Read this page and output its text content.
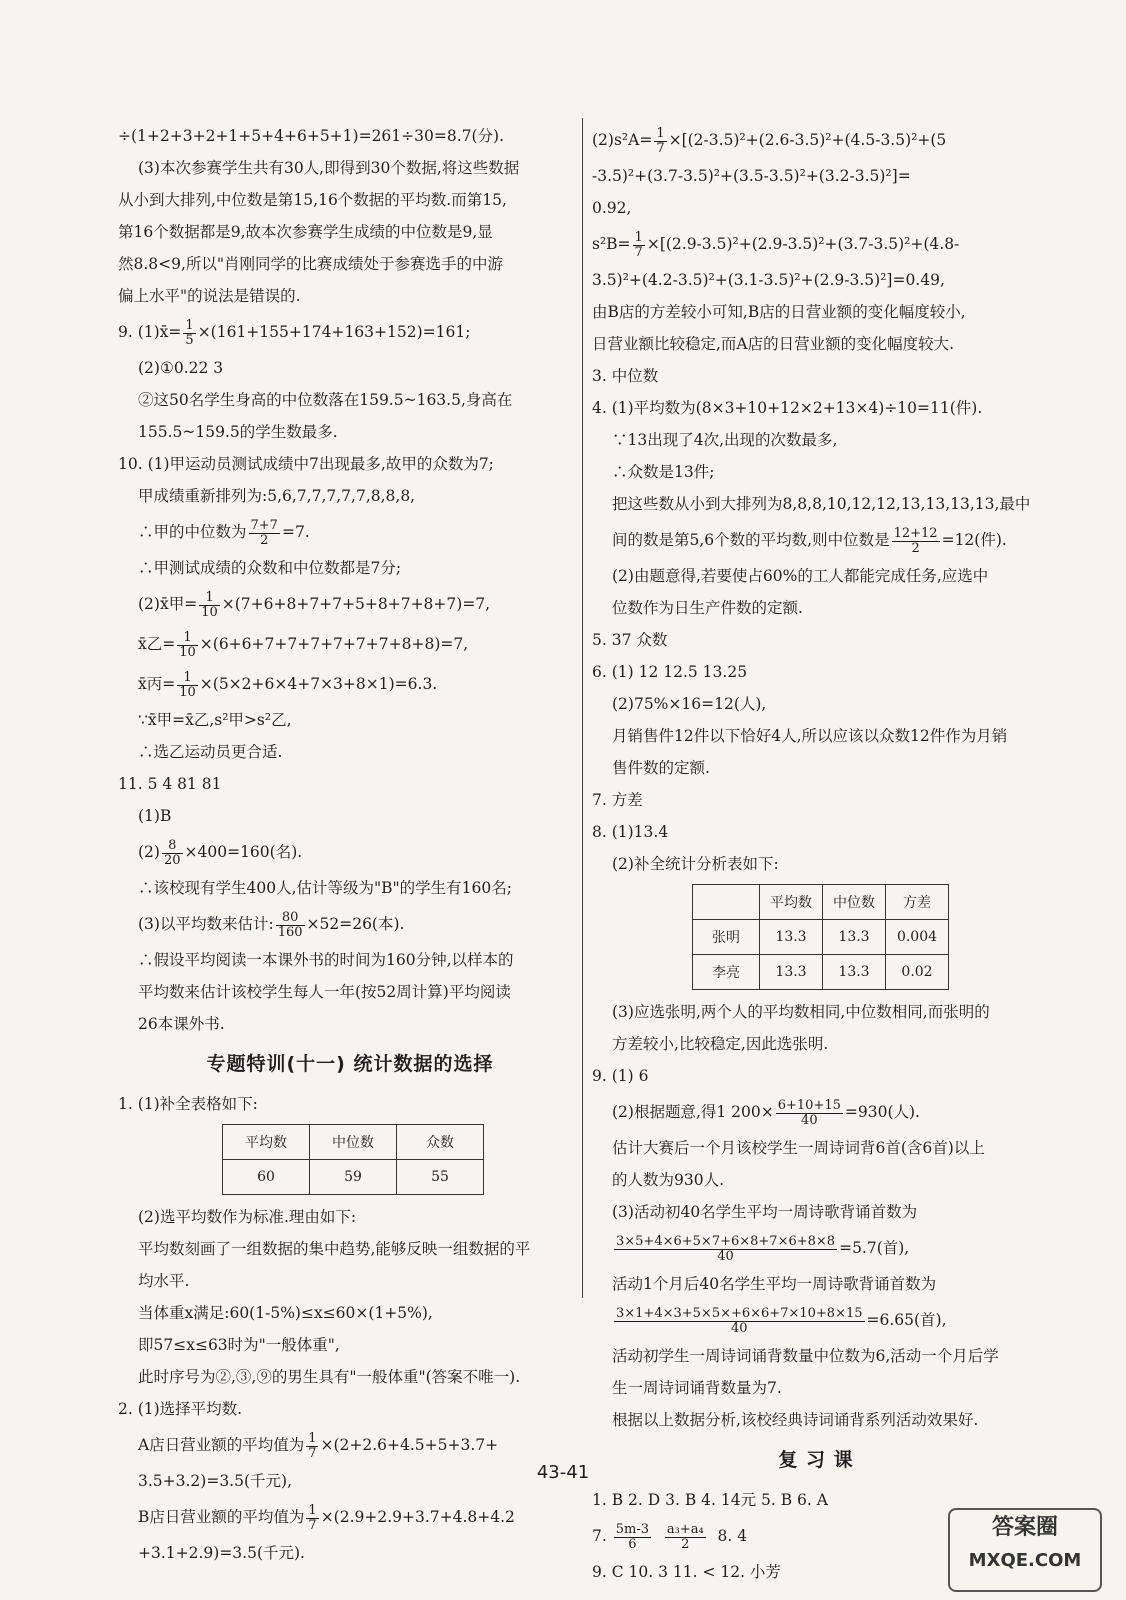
÷(1+2+3+2+1+5+4+6+5+1)=261÷30=8.7(分).
(3)本次参赛学生共有30人,即得到30个数据,将这些数据
从小到大排列,中位数是第15,16个数据的平均数.而第15,
第16个数据都是9,故本次参赛学生成绩的中位数是9,显
然8.8<9,所以"肖刚同学的比赛成绩处于参赛选手的中游
偏上水平"的说法是错误的.
9. (1)x̄= $\frac{1}{5} \times(161+155+174+163+152)=161$;
(2)①0.22 3
②这50名学生身高的中位数落在159.5~163.5,身高在
155.5~159.5的学生数最多.
10. (1)甲运动员测试成绩中7出现最多,故甲的众数为7;
甲成绩重新排列为:5,6,7,7,7,7,7,8,8,8,
∴甲的中位数为 $\frac{7+7}{2} =7$.
∴甲测试成绩的众数和中位数都是7分;
(2)x̄甲= $\frac{1}{10} \times(7+6+8+7+7+5+8+7+8+7)=7$,
x̄乙= $\frac{1}{10} \times(6+6+7+7+7+7+7+7+8+8)=7$,
x̄丙= $\frac{1}{10} \times(5\times 2+6\times 4+7\times 3+8\times 1)=6.3$.
∵x̄甲=x̄乙,s²甲>s²乙,
∴选乙运动员更合适.
11. 5 4 81 81
(1)B
$(2) \frac{8}{20} \times 400=160$(名).
∴该校现有学生400人,估计等级为"B"的学生有160名;
(3)以平均数来估计: $\frac{80}{160} \times 52=26$(本).
∴假设平均阅读一本课外书的时间为160分钟,以样本的
平均数来估计该校学生每人一年(按52周计算)平均阅读
26本课外书.
专题特训(十一) 统计数据的选择
1. (1)补全表格如下:
平均数	中位数	众数
60	59	55
(2)选平均数作为标准.理由如下:
平均数刻画了一组数据的集中趋势,能够反映一组数据的平
均水平.
当体重x满足:60(1-5%)≤x≤60×(1+5%),
即57≤x≤63时为"一般体重",
此时序号为②,③,⑨的男生具有"一般体重"(答案不唯一).
2. (1)选择平均数.
A店日营业额的平均值为 $\frac{1}{7} \times(2+2.6+4.5+5+3.7+$
3.5+3.2)=3.5(千元),
B店日营业额的平均值为 $\frac{1}{7} \times(2.9+2.9+3.7+4.8+4.2$
+3.1+2.9)=3.5(千元).
$(2)s^2A= \frac{1}{7} \times[(2-3.5)^2+(2.6-3.5)^2+(4.5-3.5)^2+(5$
-3.5)²+(3.7-3.5)²+(3.5-3.5)²+(3.2-3.5)²]=
0.92,
$s^2B= \frac{1}{7} \times[(2.9-3.5)^2+(2.9-3.5)^2+(3.7-3.5)^2+(4.8-$
3.5)²+(4.2-3.5)²+(3.1-3.5)²+(2.9-3.5)²]=0.49,
由B店的方差较小可知,B店的日营业额的变化幅度较小,
日营业额比较稳定,而A店的日营业额的变化幅度较大.
3. 中位数
4. (1)平均数为(8×3+10+12×2+13×4)÷10=11(件).
∵13出现了4次,出现的次数最多,
∴众数是13件;
把这些数从小到大排列为8,8,8,10,12,12,13,13,13,13,最中
间的数是第5,6个数的平均数,则中位数是 $\frac{12+12}{2} =12$(件).
(2)由题意得,若要使占60%的工人都能完成任务,应选中
位数作为日生产件数的定额.
5. 37 众数
6. (1) 12 12.5 13.25
(2)75%×16=12(人),
月销售件12件以下恰好4人,所以应该以众数12件作为月销
售件数的定额.
7. 方差
8. (1)13.4
(2)补全统计分析表如下:
	平均数	中位数	方差
张明	13.3	13.3	0.004
李亮	13.3	13.3	0.02
(3)应选张明,两个人的平均数相同,中位数相同,而张明的
方差较小,比较稳定,因此选张明.
9. (1) 6
(2)根据题意,得1 $200\times \frac{6+10+15}{40} =930$(人).
估计大赛后一个月该校学生一周诗词背6首(含6首)以上
的人数为930人.
(3)活动初40名学生平均一周诗歌背诵首数为
$\frac{3\times 5+4\times 6+5\times 7+6\times 8+7\times 6+8\times 8}{40} =5.7$(首),
活动1个月后40名学生平均一周诗歌背诵首数为
$\frac{3\times 1+4\times 3+5\times 5\times+6\times 6+7\times 10+8\times 15}{40} =6.65$(首),
活动初学生一周诗词诵背数量中位数为6,活动一个月后学
生一周诗词诵背数量为7.
根据以上数据分析,该校经典诗词诵背系列活动效果好.
复 习 课
1. B 2. D 3. B 4. 14元 5. B 6. A
7. $\frac{5m-3}{6}$
$\frac{\text{a₃+a₄}}{2} 8$. 4
9. C 10. 3 11. < 12. 小芳
43-41
答案圈
MXQE.COM
